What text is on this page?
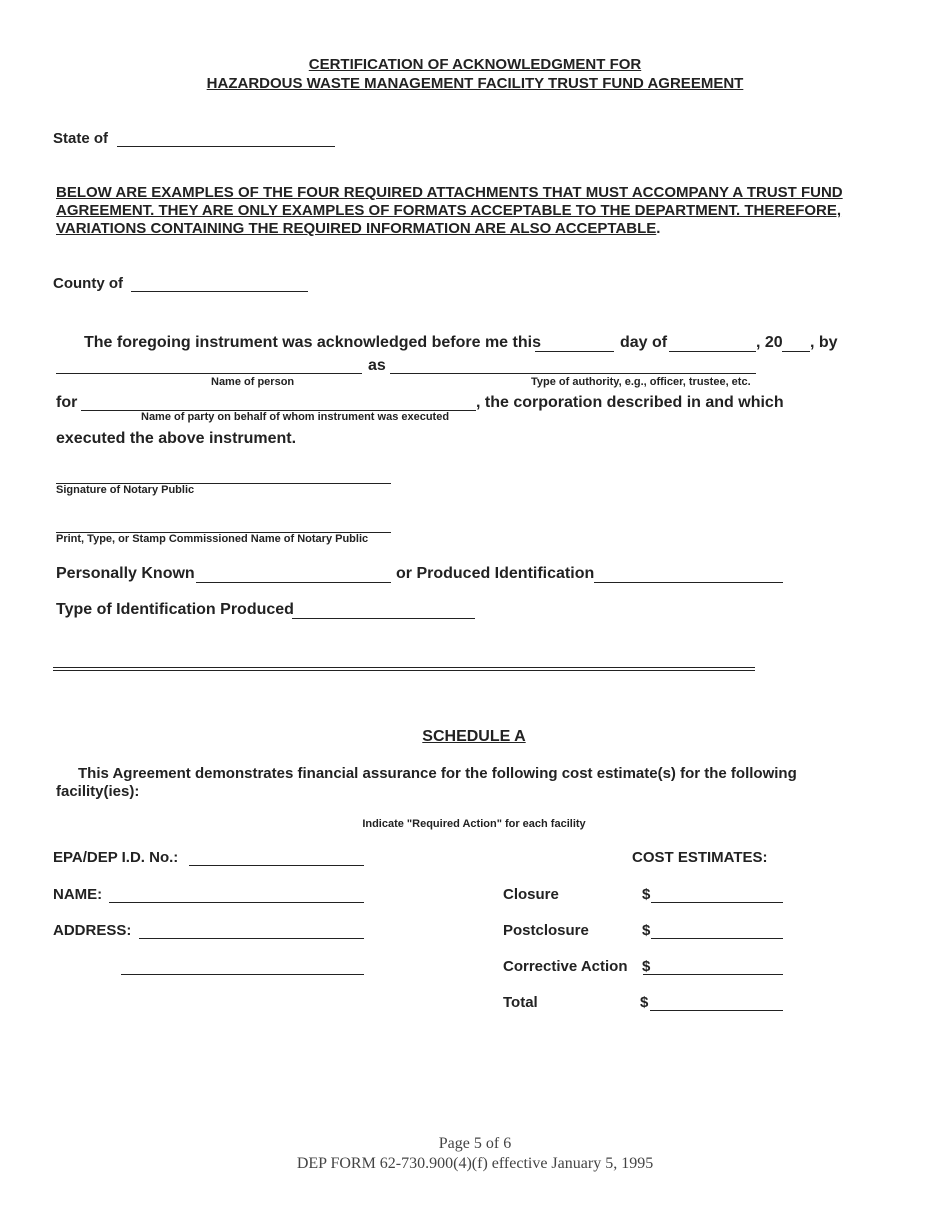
CERTIFICATION OF ACKNOWLEDGMENT FOR
HAZARDOUS WASTE MANAGEMENT FACILITY TRUST FUND AGREEMENT
State of
BELOW ARE EXAMPLES OF THE FOUR REQUIRED ATTACHMENTS THAT MUST ACCOMPANY A TRUST FUND
AGREEMENT. THEY ARE ONLY EXAMPLES OF FORMATS ACCEPTABLE TO THE DEPARTMENT. THEREFORE,
VARIATIONS CONTAINING THE REQUIRED INFORMATION ARE ALSO ACCEPTABLE.
County of
The foregoing instrument was acknowledged before me this	day of	, 20 , by
as
Name of person	Type of authority, e.g., officer, trustee, etc.
for	, the corporation described in and which
Name of party on behalf of whom instrument was executed
executed the above instrument.
Signature of Notary Public
Print, Type, or Stamp Commissioned Name of Notary Public
Personally Known	or Produced Identification
Type of Identification Produced
SCHEDULE A
This Agreement demonstrates financial assurance for the following cost estimate(s) for the following
facility(ies):
Indicate "Required Action" for each facility
EPA/DEP I.D. No.:	COST ESTIMATES:
NAME:
ADDRESS:
Closure	$
Postclosure	$
Corrective Action $
Total	$
Page 5 of 6
DEP FORM 62-730.900(4)(f) effective January 5, 1995
